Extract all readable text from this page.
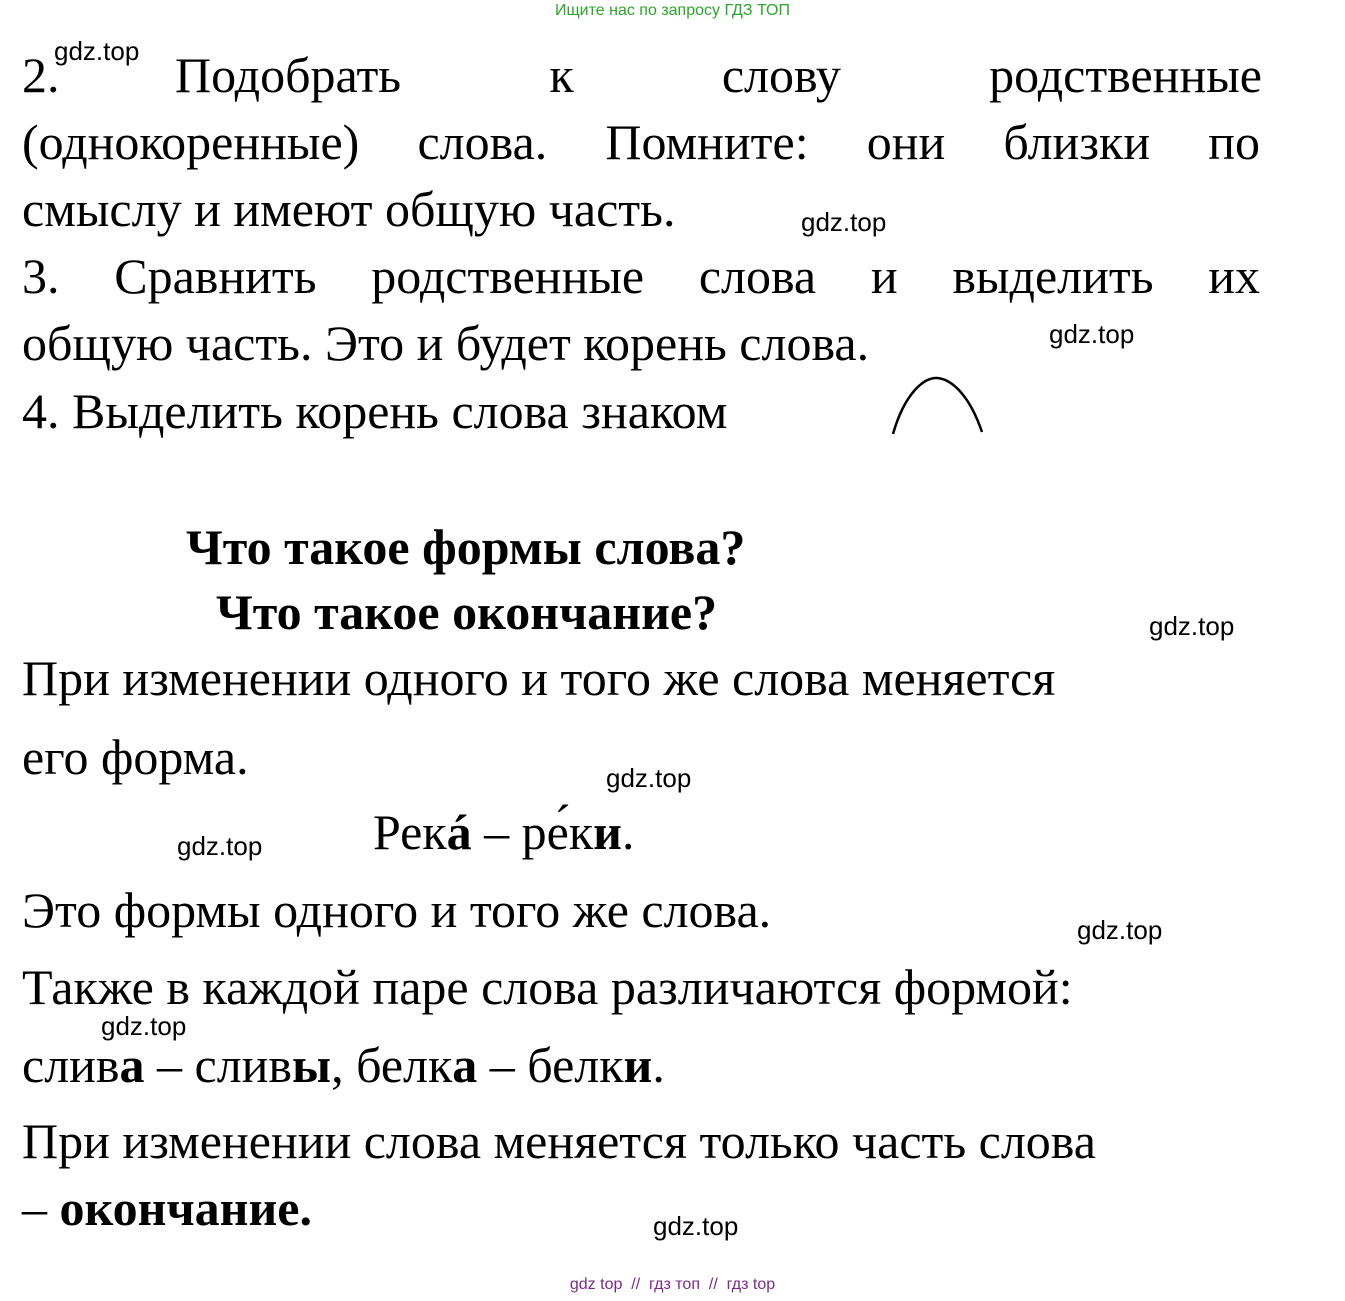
Ищите нас по запросу ГДЗ ТОП
2. Подобрать к слову родственные
(однокоренные) слова. Помните: они близки по
смыслу и имеют общую часть.
3. Сравнить родственные слова и выделить их
общую часть. Это и будет корень слова.
4. Выделить корень слова знаком
Что такое формы слова?
Что такое окончание?
При изменении одного и того же слова меняется
его форма.
Рекá – ре́ки.
Это формы одного и того же слова.
Также в каждой паре слова различаются формой:
слива – сливы, белка – белки.
При изменении слова меняется только часть слова
– окончание.
gdz.top
gdz.top
gdz.top
gdz.top
gdz.top
gdz.top
gdz.top
gdz.top
gdz.top
gdz top  //  гдз топ  //  гдз top
